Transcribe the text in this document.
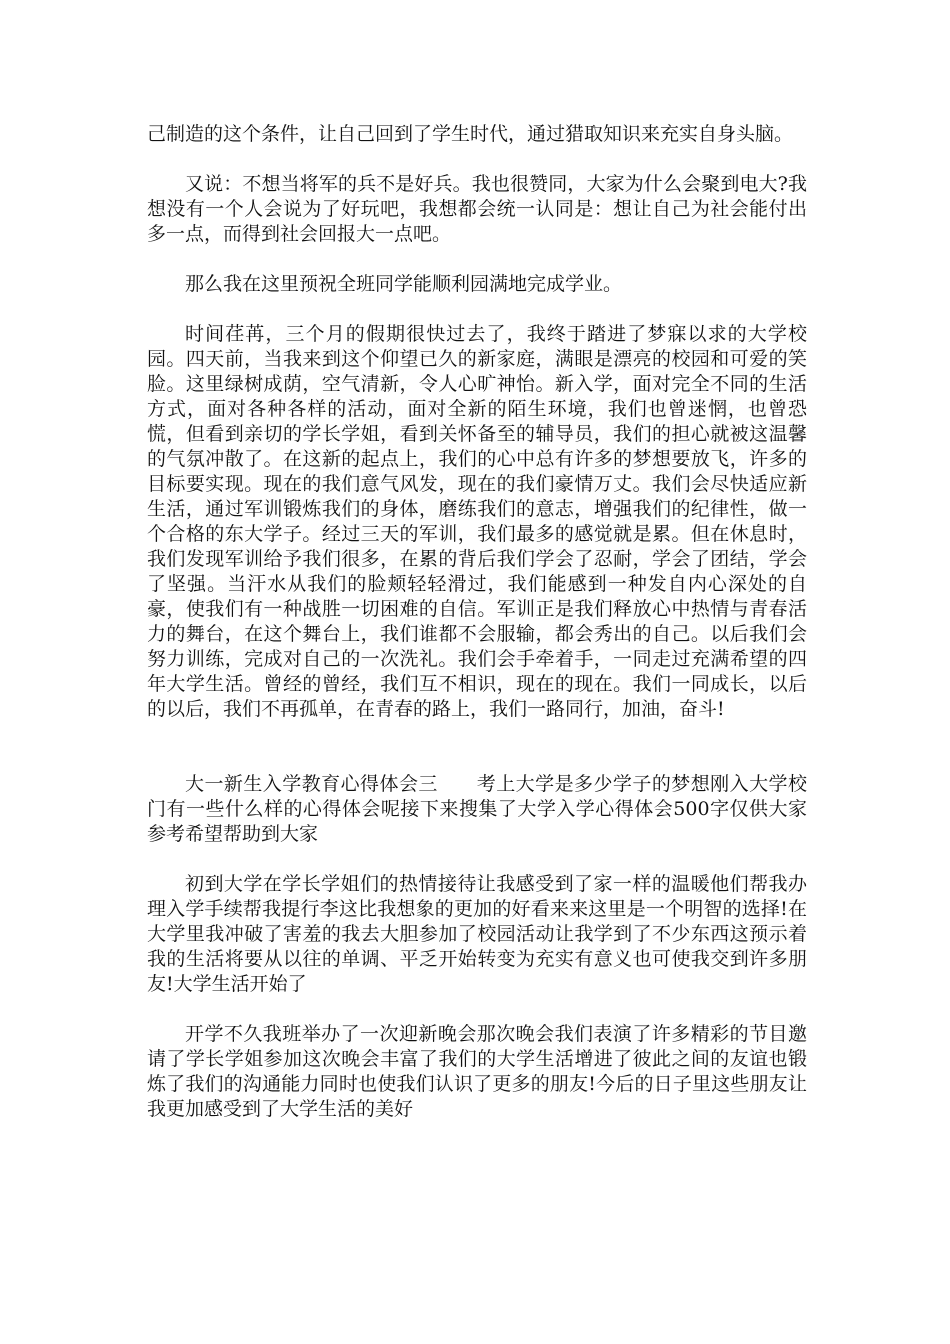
己制造的这个条件，让自己回到了学生时代，通过猎取知识来充实自身头脑。

又说：不想当将军的兵不是好兵。我也很赞同，大家为什么会聚到电大?我想没有一个人会说为了好玩吧，我想都会统一认同是：想让自己为社会能付出多一点，而得到社会回报大一点吧。

那么我在这里预祝全班同学能顺利园满地完成学业。

时间荏苒，三个月的假期很快过去了，我终于踏进了梦寐以求的大学校园。四天前，当我来到这个仰望已久的新家庭，满眼是漂亮的校园和可爱的笑脸。这里绿树成荫，空气清新，令人心旷神怡。新入学，面对完全不同的生活方式，面对各种各样的活动，面对全新的陌生环境，我们也曾迷惘，也曾恐慌，但看到亲切的学长学姐，看到关怀备至的辅导员，我们的担心就被这温馨的气氛冲散了。在这新的起点上，我们的心中总有许多的梦想要放飞，许多的目标要实现。现在的我们意气风发，现在的我们豪情万丈。我们会尽快适应新生活，通过军训锻炼我们的身体，磨练我们的意志，增强我们的纪律性，做一个合格的东大学子。经过三天的军训，我们最多的感觉就是累。但在休息时，我们发现军训给予我们很多，在累的背后我们学会了忍耐，学会了团结，学会了坚强。当汗水从我们的脸颊轻轻滑过，我们能感到一种发自内心深处的自豪，使我们有一种战胜一切困难的自信。军训正是我们释放心中热情与青春活力的舞台，在这个舞台上，我们谁都不会服输，都会秀出的自己。以后我们会努力训练，完成对自己的一次洗礼。我们会手牵着手，一同走过充满希望的四年大学生活。曾经的曾经，我们互不相识，现在的现在。我们一同成长，以后的以后，我们不再孤单，在青春的路上，我们一路同行，加油，奋斗!

大一新生入学教育心得体会三　　考上大学是多少学子的梦想刚入大学校门有一些什么样的心得体会呢接下来搜集了大学入学心得体会500字仅供大家参考希望帮助到大家

初到大学在学长学姐们的热情接待让我感受到了家一样的温暖他们帮我办理入学手续帮我提行李这比我想象的更加的好看来来这里是一个明智的选择!在大学里我冲破了害羞的我去大胆参加了校园活动让我学到了不少东西这预示着我的生活将要从以往的单调、平乏开始转变为充实有意义也可使我交到许多朋友!大学生活开始了

开学不久我班举办了一次迎新晚会那次晚会我们表演了许多精彩的节目邀请了学长学姐参加这次晚会丰富了我们的大学生活增进了彼此之间的友谊也锻炼了我们的沟通能力同时也使我们认识了更多的朋友!今后的日子里这些朋友让我更加感受到了大学生活的美好
